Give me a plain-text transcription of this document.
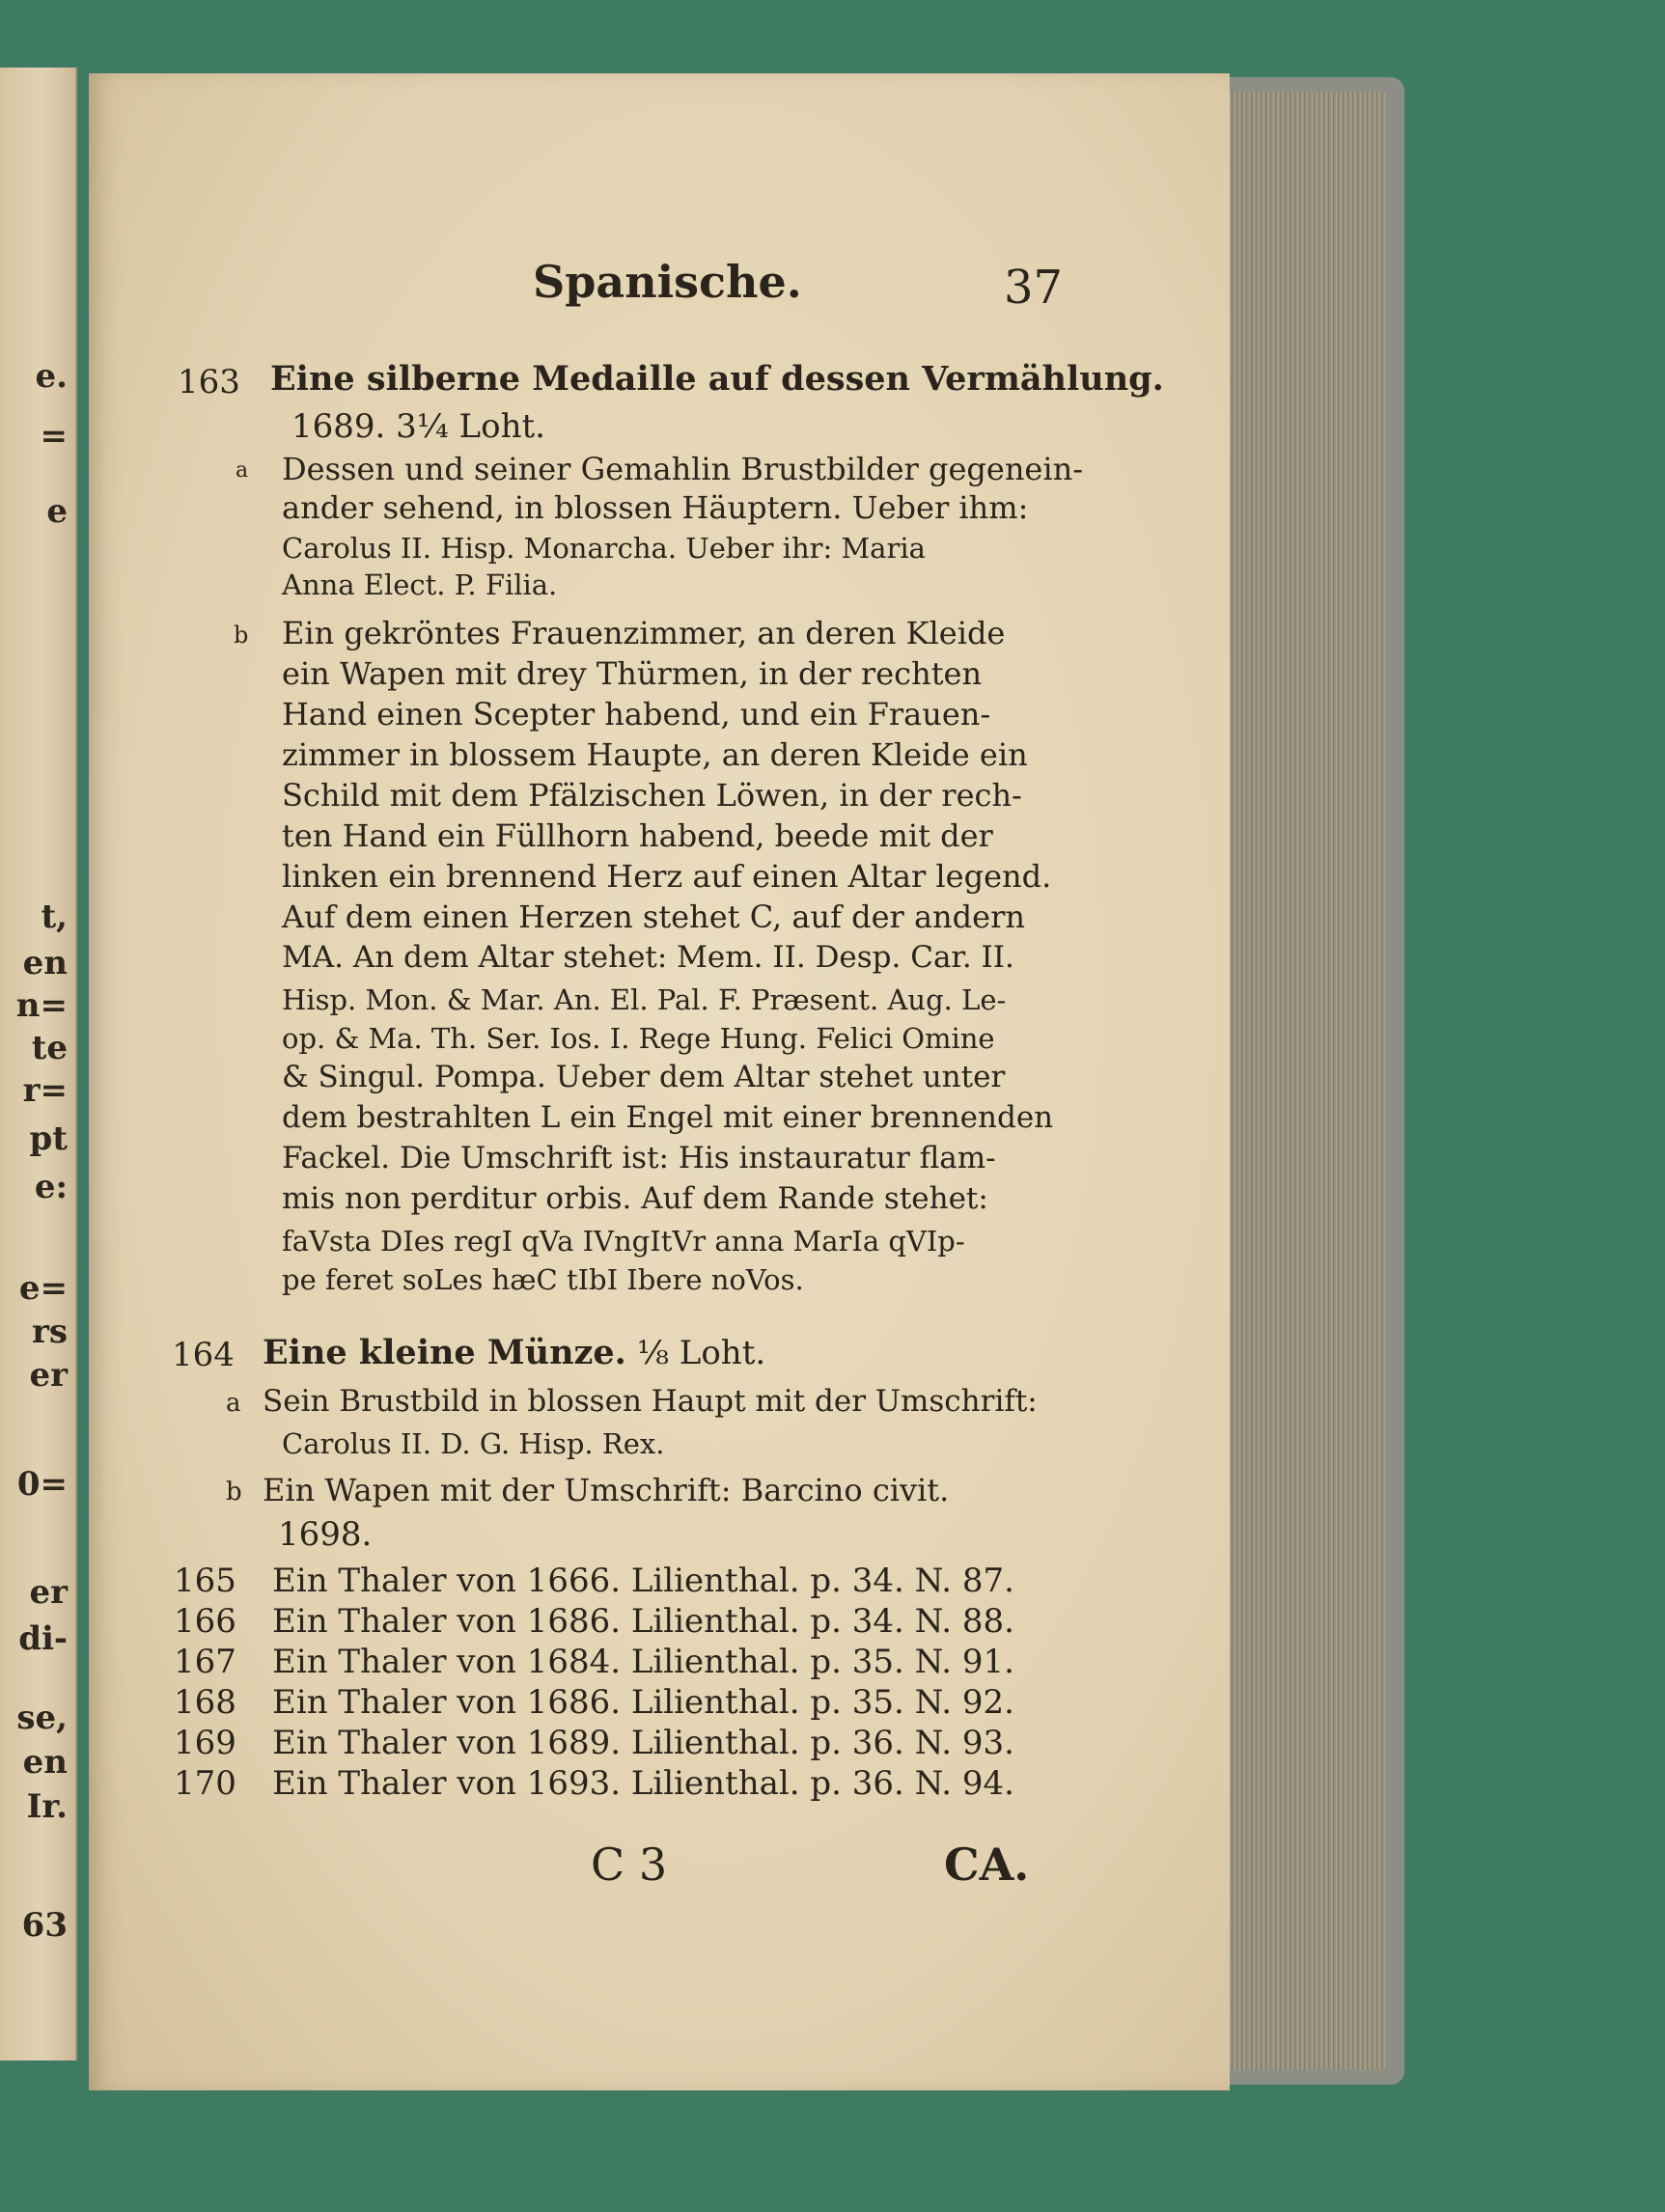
e.
=
e
t,
en
n=
te
r=
pt
e:
e=
rs
er
0=
er
di-
se,
en
Ir.
63
Spanische.	37
163 Eine silberne Medaille auf dessen Vermählung.
1689. 3¼ Loht.
a Dessen und seiner Gemahlin Brustbilder gegenein-
ander sehend, in blossen Häuptern. Ueber ihm:
Carolus II. Hisp. Monarcha. Ueber ihr: Maria
Anna Elect. P. Filia.
b Ein gekröntes Frauenzimmer, an deren Kleide
ein Wapen mit drey Thürmen, in der rechten
Hand einen Scepter habend, und ein Frauen-
zimmer in blossem Haupte, an deren Kleide ein
Schild mit dem Pfälzischen Löwen, in der rech-
ten Hand ein Füllhorn habend, beede mit der
linken ein brennend Herz auf einen Altar legend.
Auf dem einen Herzen stehet C, auf der andern
MA. An dem Altar stehet: Mem. II. Desp. Car. II.
Hisp. Mon. & Mar. An. El. Pal. F. Præsent. Aug. Le-
op. & Ma. Th. Ser. Ios. I. Rege Hung. Felici Omine
& Singul. Pompa. Ueber dem Altar stehet unter
dem bestrahlten L ein Engel mit einer brennenden
Fackel. Die Umschrift ist: His instauratur flam-
mis non perditur orbis. Auf dem Rande stehet:
faVsta DIes regI qVa IVngItVr anna MarIa qVIp-
pe feret soLes hæC tIbI Ibere noVos.
164 Eine kleine Münze. ⅛ Loht.
a Sein Brustbild in blossen Haupt mit der Umschrift:
Carolus II. D. G. Hisp. Rex.
b Ein Wapen mit der Umschrift: Barcino civit.
1698.
165 Ein Thaler von 1666. Lilienthal. p. 34. N. 87.
166 Ein Thaler von 1686. Lilienthal. p. 34. N. 88.
167 Ein Thaler von 1684. Lilienthal. p. 35. N. 91.
168 Ein Thaler von 1686. Lilienthal. p. 35. N. 92.
169 Ein Thaler von 1689. Lilienthal. p. 36. N. 93.
170 Ein Thaler von 1693. Lilienthal. p. 36. N. 94.
C 3	CA.
